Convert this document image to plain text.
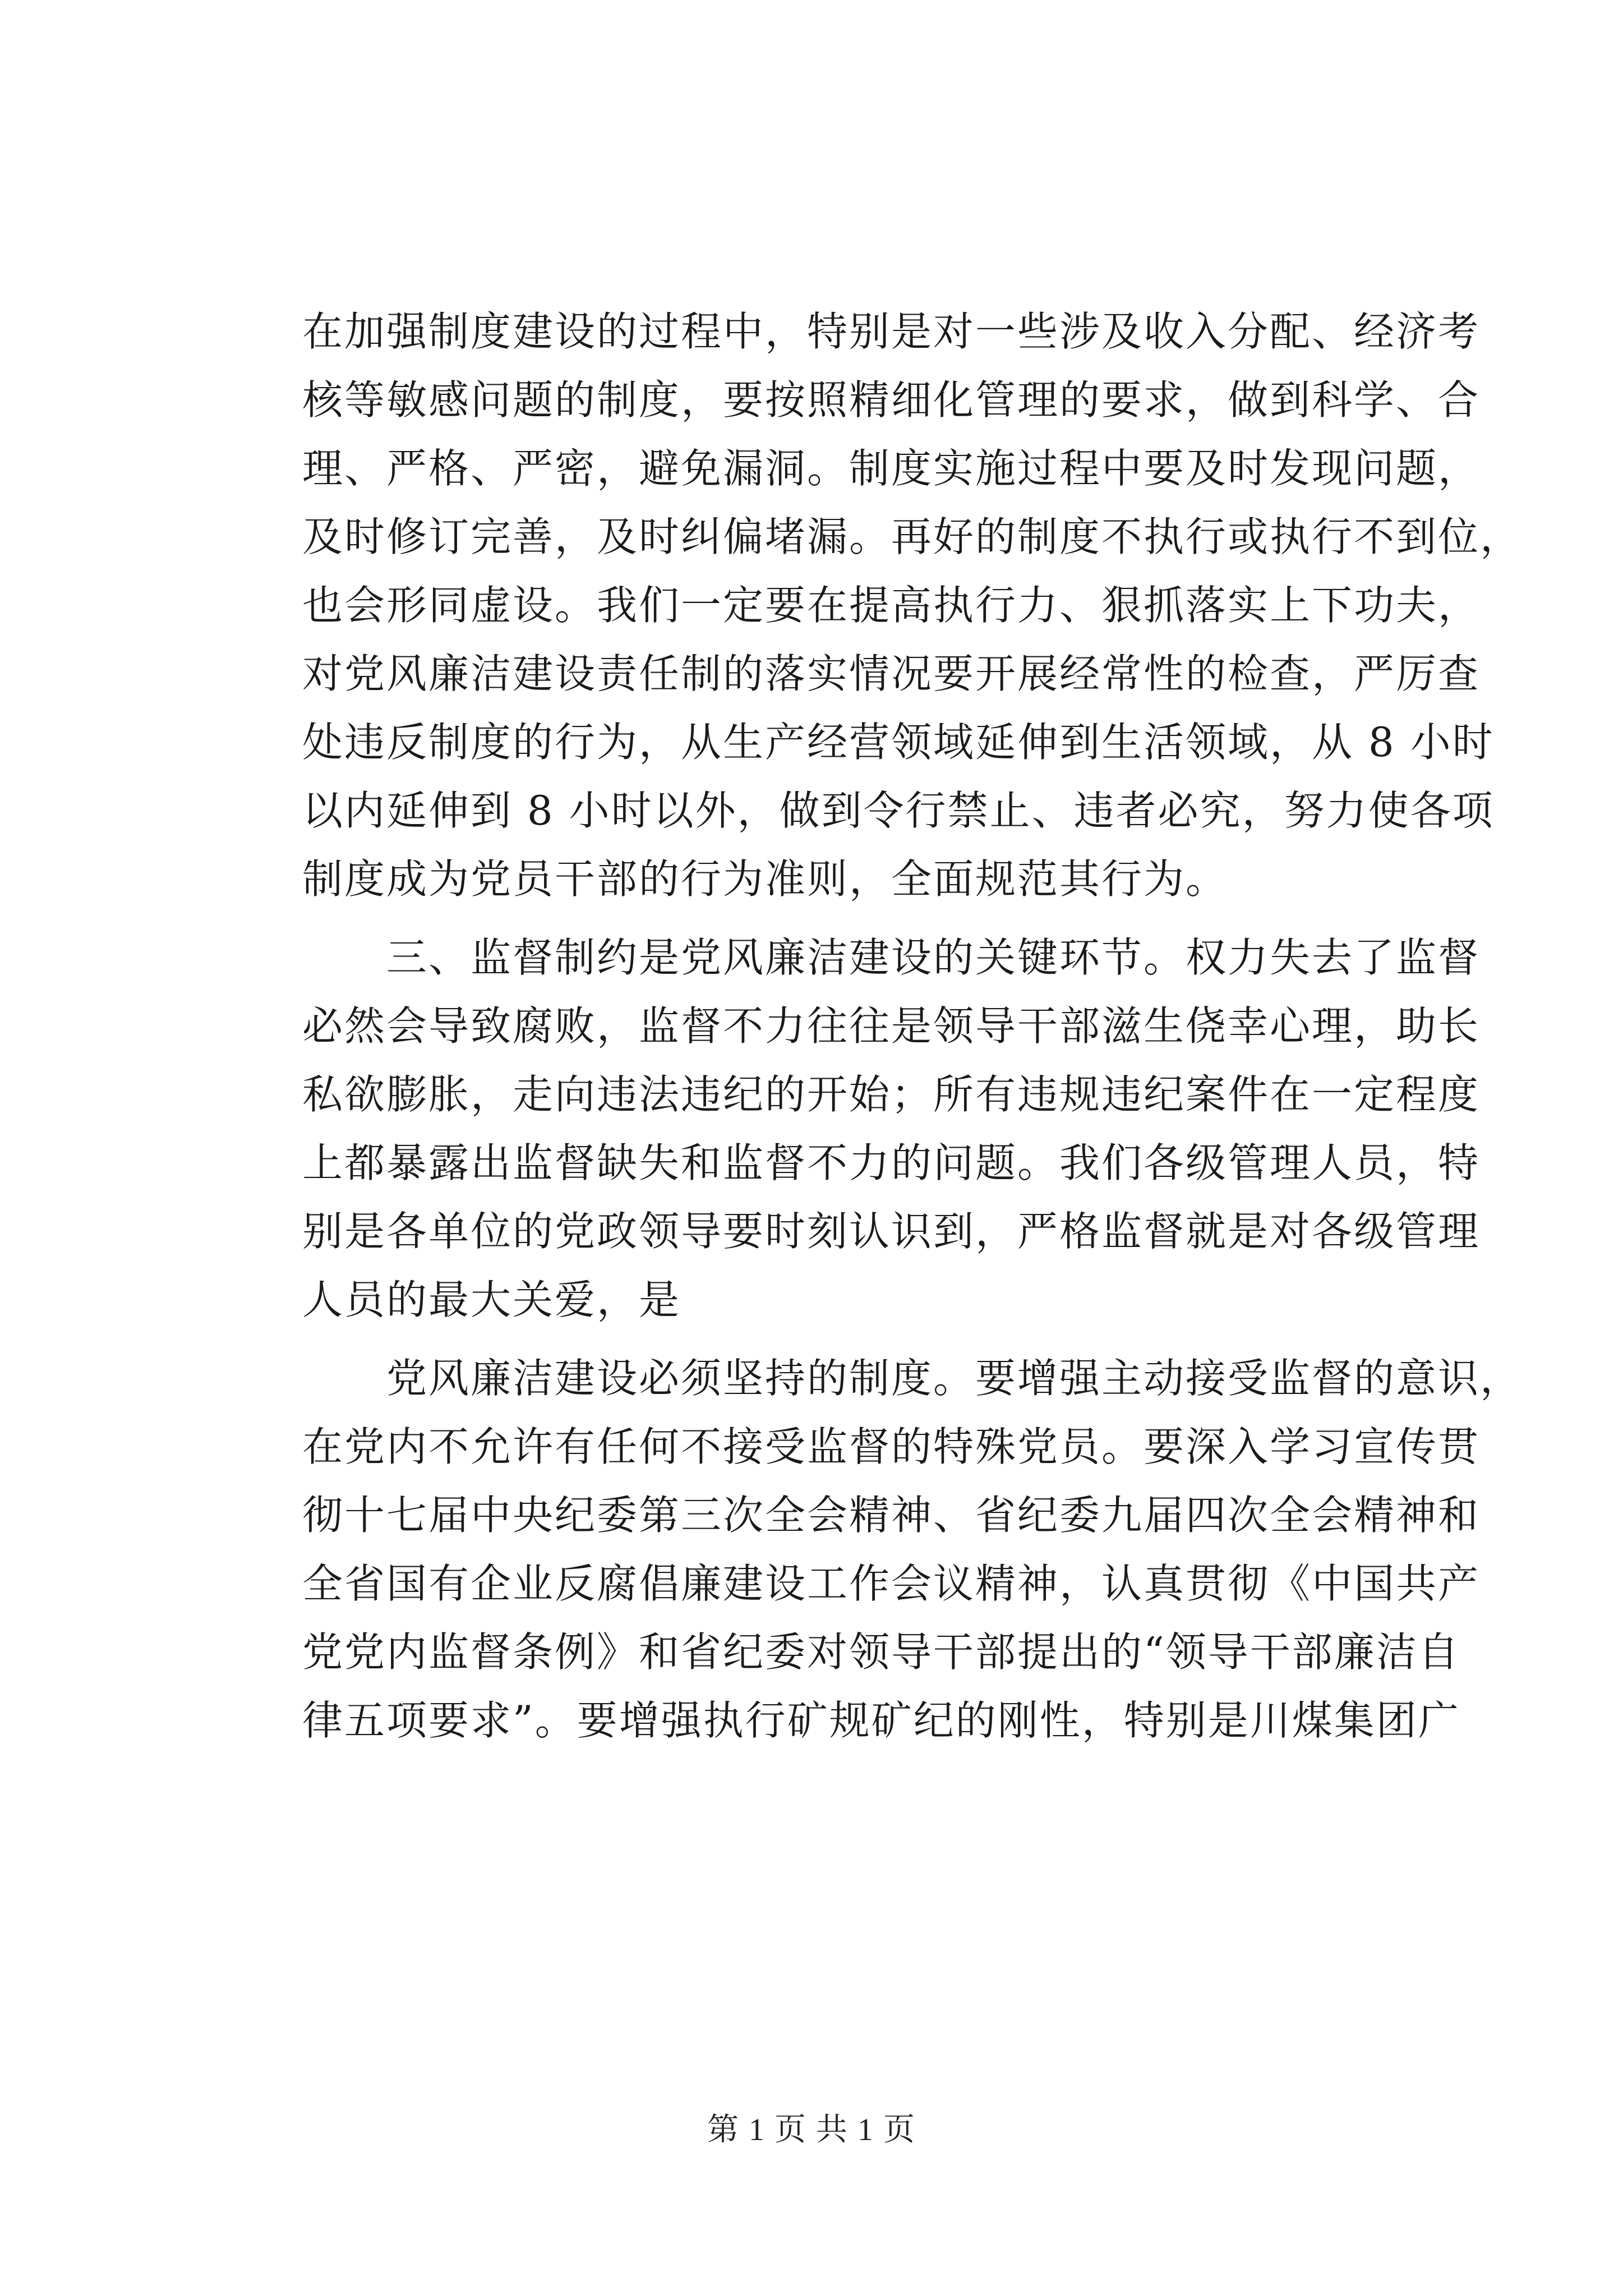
在加强制度建设的过程中，特别是对一些涉及收入分配、经济考
核等敏感问题的制度，要按照精细化管理的要求，做到科学、合
理、严格、严密，避免漏洞。制度实施过程中要及时发现问题，
及时修订完善，及时纠偏堵漏。再好的制度不执行或执行不到位，
也会形同虚设。我们一定要在提高执行力、狠抓落实上下功夫，
对党风廉洁建设责任制的落实情况要开展经常性的检查，严厉查
处违反制度的行为，从生产经营领域延伸到生活领域，从 8 小时
以内延伸到 8 小时以外，做到令行禁止、违者必究，努力使各项
制度成为党员干部的行为准则，全面规范其行为。

三、监督制约是党风廉洁建设的关键环节。权力失去了监督
必然会导致腐败，监督不力往往是领导干部滋生侥幸心理，助长
私欲膨胀，走向违法违纪的开始；所有违规违纪案件在一定程度
上都暴露出监督缺失和监督不力的问题。我们各级管理人员，特
别是各单位的党政领导要时刻认识到，严格监督就是对各级管理
人员的最大关爱，是

党风廉洁建设必须坚持的制度。要增强主动接受监督的意识，
在党内不允许有任何不接受监督的特殊党员。要深入学习宣传贯
彻十七届中央纪委第三次全会精神、省纪委九届四次全会精神和
全省国有企业反腐倡廉建设工作会议精神，认真贯彻《中国共产
党党内监督条例》和省纪委对领导干部提出的“领导干部廉洁自
律五项要求”。要增强执行矿规矿纪的刚性，特别是川煤集团广

第 1 页 共 1 页
